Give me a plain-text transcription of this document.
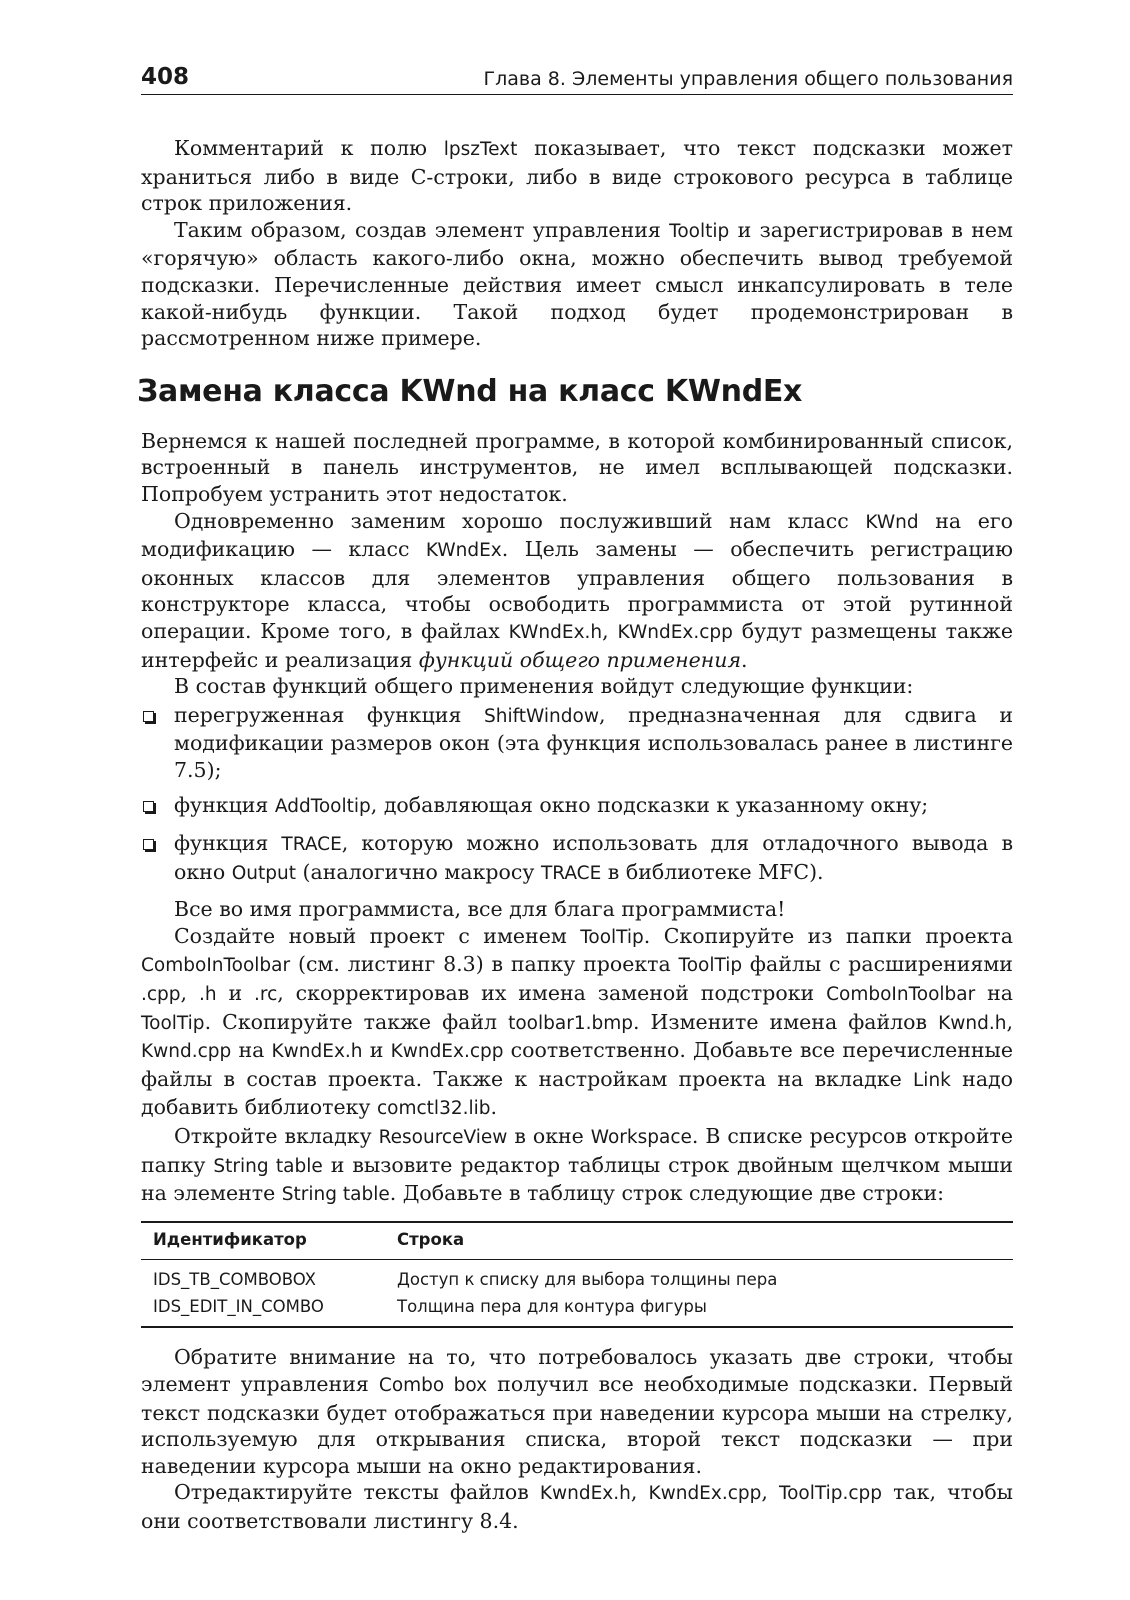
408	Глава 8. Элементы управления общего пользования

Комментарий к полю lpszText показывает, что текст подсказки может храниться либо в виде С-строки, либо в виде строкового ресурса в таблице строк приложения.

Таким образом, создав элемент управления Tooltip и зарегистрировав в нем «горячую» область какого-либо окна, можно обеспечить вывод требуемой подсказки. Перечисленные действия имеет смысл инкапсулировать в теле какой-нибудь функции. Такой подход будет продемонстрирован в рассмотренном ниже примере.

Замена класса KWnd на класс KWndEx

Вернемся к нашей последней программе, в которой комбинированный список, встроенный в панель инструментов, не имел всплывающей подсказки. Попробуем устранить этот недостаток.

Одновременно заменим хорошо послуживший нам класс KWnd на его модификацию — класс KWndEx. Цель замены — обеспечить регистрацию оконных классов для элементов управления общего пользования в конструкторе класса, чтобы освободить программиста от этой рутинной операции. Кроме того, в файлах KWndEx.h, KWndEx.cpp будут размещены также интерфейс и реализация функций общего применения.

В состав функций общего применения войдут следующие функции:

перегруженная функция ShiftWindow, предназначенная для сдвига и модификации размеров окон (эта функция использовалась ранее в листинге 7.5);
функция AddTooltip, добавляющая окно подсказки к указанному окну;
функция TRACE, которую можно использовать для отладочного вывода в окно Output (аналогично макросу TRACE в библиотеке MFC).

Все во имя программиста, все для блага программиста!

Создайте новый проект с именем ToolTip. Скопируйте из папки проекта ComboInToolbar (см. листинг 8.3) в папку проекта ToolTip файлы с расширениями .cpp, .h и .rc, скорректировав их имена заменой подстроки ComboInToolbar на ToolTip. Скопируйте также файл toolbar1.bmp. Измените имена файлов Kwnd.h, Kwnd.cpp на KwndEx.h и KwndEx.cpp соответственно. Добавьте все перечисленные файлы в состав проекта. Также к настройкам проекта на вкладке Link надо добавить библиотеку comctl32.lib.

Откройте вкладку ResourceView в окне Workspace. В списке ресурсов откройте папку String table и вызовите редактор таблицы строк двойным щелчком мыши на элементе String table. Добавьте в таблицу строк следующие две строки:

Идентификатор	Строка
IDS_TB_COMBOBOX	Доступ к списку для выбора толщины пера
IDS_EDIT_IN_COMBO	Толщина пера для контура фигуры

Обратите внимание на то, что потребовалось указать две строки, чтобы элемент управления Combo box получил все необходимые подсказки. Первый текст подсказки будет отображаться при наведении курсора мыши на стрелку, используемую для открывания списка, второй текст подсказки — при наведении курсора мыши на окно редактирования.

Отредактируйте тексты файлов KwndEx.h, KwndEx.cpp, ToolTip.cpp так, чтобы они соответствовали листингу 8.4.
